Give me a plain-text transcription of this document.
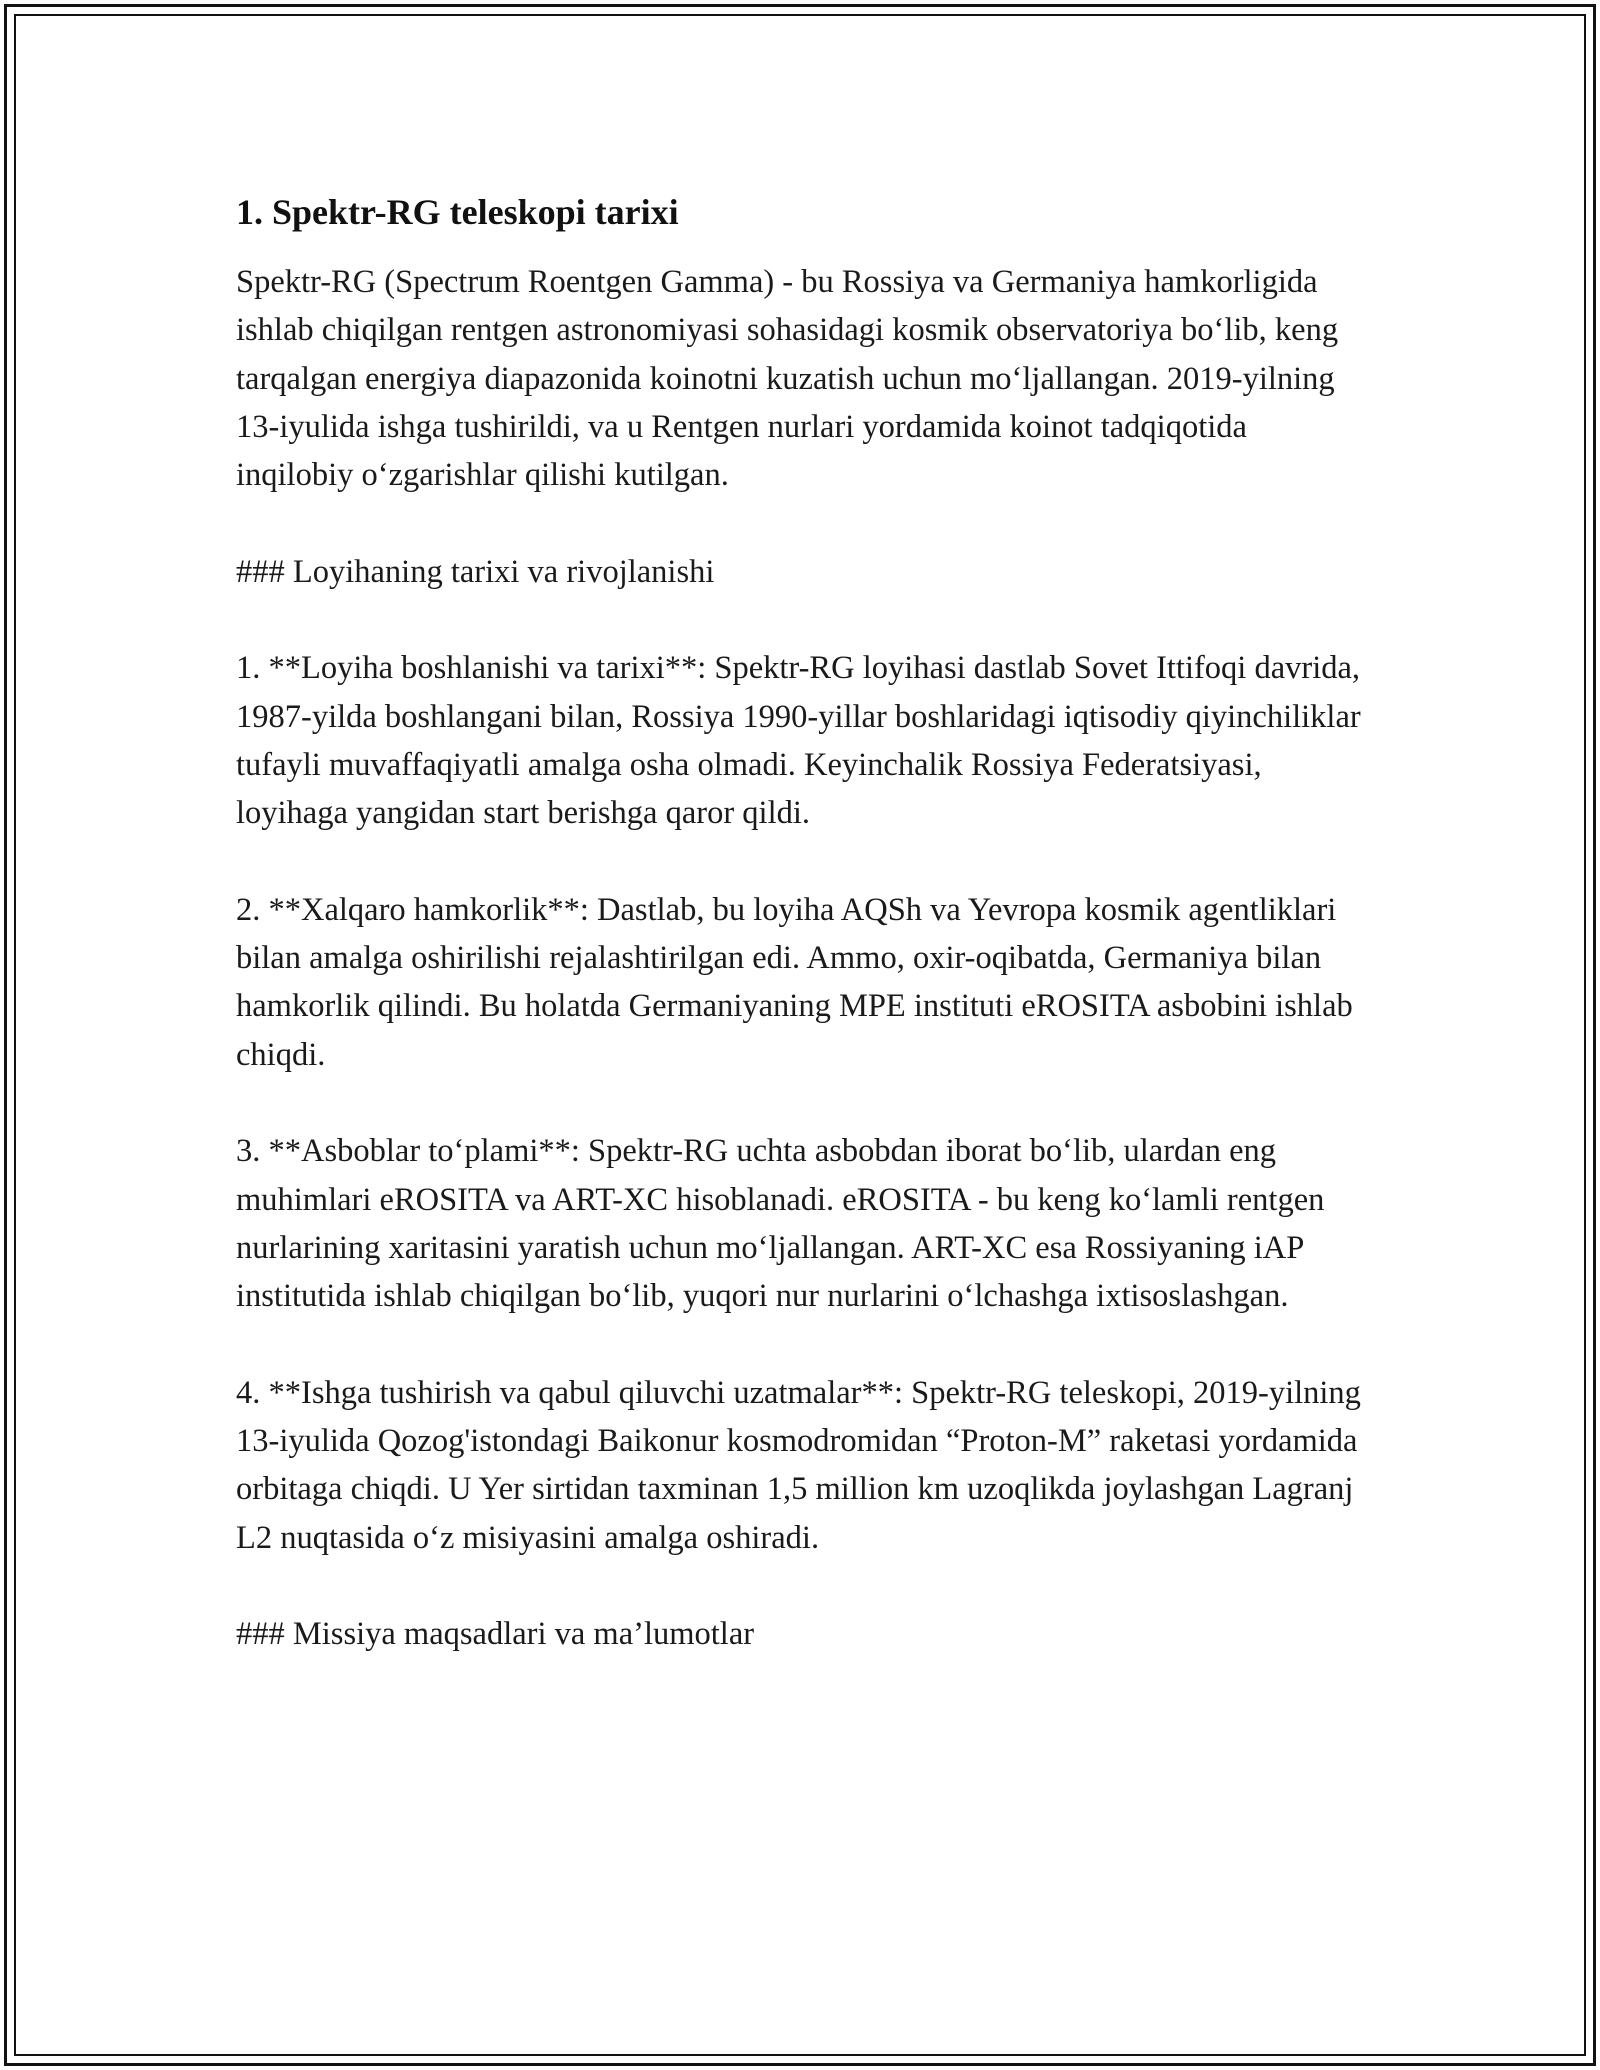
1. Spektr-RG teleskopi tarixi

Spektr-RG (Spectrum Roentgen Gamma) - bu Rossiya va Germaniya hamkorligida ishlab chiqilgan rentgen astronomiyasi sohasidagi kosmik observatoriya bo‘lib, keng tarqalgan energiya diapazonida koinotni kuzatish uchun mo‘ljallangan. 2019-yilning 13-iyulida ishga tushirildi, va u Rentgen nurlari yordamida koinot tadqiqotida inqilobiy o‘zgarishlar qilishi kutilgan.

### Loyihaning tarixi va rivojlanishi

1. **Loyiha boshlanishi va tarixi**: Spektr-RG loyihasi dastlab Sovet Ittifoqi davrida, 1987-yilda boshlangani bilan, Rossiya 1990-yillar boshlaridagi iqtisodiy qiyinchiliklar tufayli muvaffaqiyatli amalga osha olmadi. Keyinchalik Rossiya Federatsiyasi, loyihaga yangidan start berishga qaror qildi.

2. **Xalqaro hamkorlik**: Dastlab, bu loyiha AQSh va Yevropa kosmik agentliklari bilan amalga oshirilishi rejalashtirilgan edi. Ammo, oxir-oqibatda, Germaniya bilan hamkorlik qilindi. Bu holatda Germaniyaning MPE instituti eROSITA asbobini ishlab chiqdi.

3. **Asboblar to‘plami**: Spektr-RG uchta asbobdan iborat bo‘lib, ulardan eng muhimlari eROSITA va ART-XC hisoblanadi. eROSITA - bu keng ko‘lamli rentgen nurlarining xaritasini yaratish uchun mo‘ljallangan. ART-XC esa Rossiyaning iAP institutida ishlab chiqilgan bo‘lib, yuqori nur nurlarini o‘lchashga ixtisoslashgan.

4. **Ishga tushirish va qabul qiluvchi uzatmalar**: Spektr-RG teleskopi, 2019-yilning 13-iyulida Qozog'istondagi Baikonur kosmodromidan “Proton-M” raketasi yordamida orbitaga chiqdi. U Yer sirtidan taxminan 1,5 million km uzoqlikda joylashgan Lagranj L2 nuqtasida o‘z misiyasini amalga oshiradi.

### Missiya maqsadlari va ma’lumotlar
